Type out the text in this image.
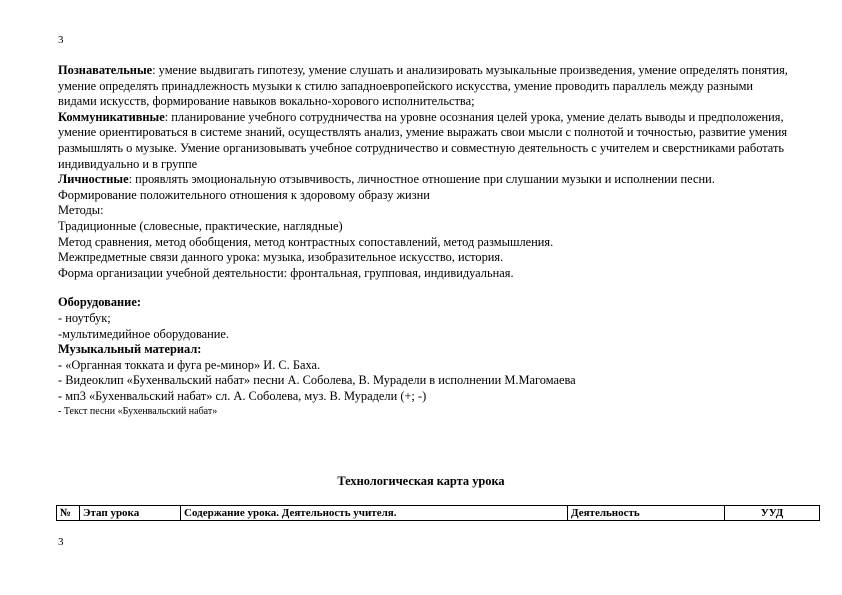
3

Познавательные: умение выдвигать гипотезу, умение слушать и анализировать музыкальные произведения, умение определять понятия, умение определять принадлежность музыки к стилю западноевропейского искусства, умение проводить параллель между разными видами искусств, формирование навыков вокально-хорового исполнительства;

Коммуникативные: планирование учебного сотрудничества на уровне осознания целей урока, умение делать выводы и предположения, умение ориентироваться в системе знаний, осуществлять анализ, умение выражать свои мысли с полнотой и точностью, развитие умения размышлять о музыке. Умение организовывать учебное сотрудничество и совместную деятельность с учителем и сверстниками работать индивидуально и в группе

Личностные: проявлять эмоциональную отзывчивость, личностное отношение при слушании музыки и исполнении песни. Формирование положительного отношения к здоровому образу жизни

Методы:

Традиционные (словесные, практические, наглядные)

Метод сравнения, метод обобщения, метод контрастных сопоставлений, метод размышления.

Межпредметные связи данного урока: музыка, изобразительное искусство, история.

Форма организации учебной деятельности: фронтальная, групповая, индивидуальная.

Оборудование:

- ноутбук;

-мультимедийное оборудование.

Музыкальный материал:

- «Органная токката и фуга ре-минор» И. С. Баха.

- Видеоклип «Бухенвальский набат» песни А. Соболева, В. Мурадели в исполнении М.Магомаева

- мп3 «Бухенвальский набат» сл. А. Соболева, муз. В. Мурадели (+; -)

- Текст песни «Бухенвальский набат»

Технологическая карта урока
№	Этап урока	Содержание урока. Деятельность учителя.	Деятельность	УУД
3
